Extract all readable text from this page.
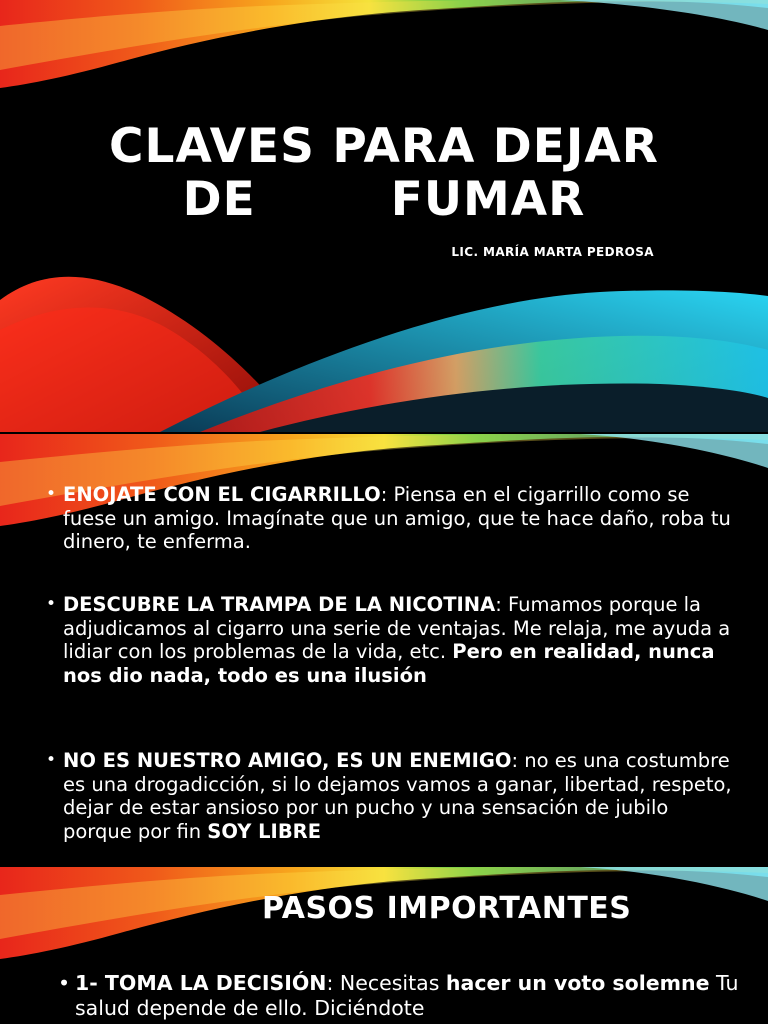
CLAVES PARA DEJAR
DE	FUMAR

LIC. MARÍA MARTA PEDROSA

• ENOJATE CON EL CIGARRILLO: Piensa en el cigarrillo como se fuese un amigo. Imagínate que un amigo, que te hace daño, roba tu dinero, te enferma.
• DESCUBRE LA TRAMPA DE LA NICOTINA: Fumamos porque la adjudicamos al cigarro una serie de ventajas. Me relaja, me ayuda a lidiar con los problemas de la vida, etc. Pero en realidad, nunca nos dio nada, todo es una ilusión
• NO ES NUESTRO AMIGO, ES UN ENEMIGO: no es una costumbre es una drogadicción, si lo dejamos vamos a ganar, libertad, respeto, dejar de estar ansioso por un pucho y una sensación de jubilo porque por fin SOY LIBRE
PASOS IMPORTANTES
• 1- TOMA LA DECISIÓN: Necesitas hacer un voto solemne Tu salud depende de ello. Diciéndote
